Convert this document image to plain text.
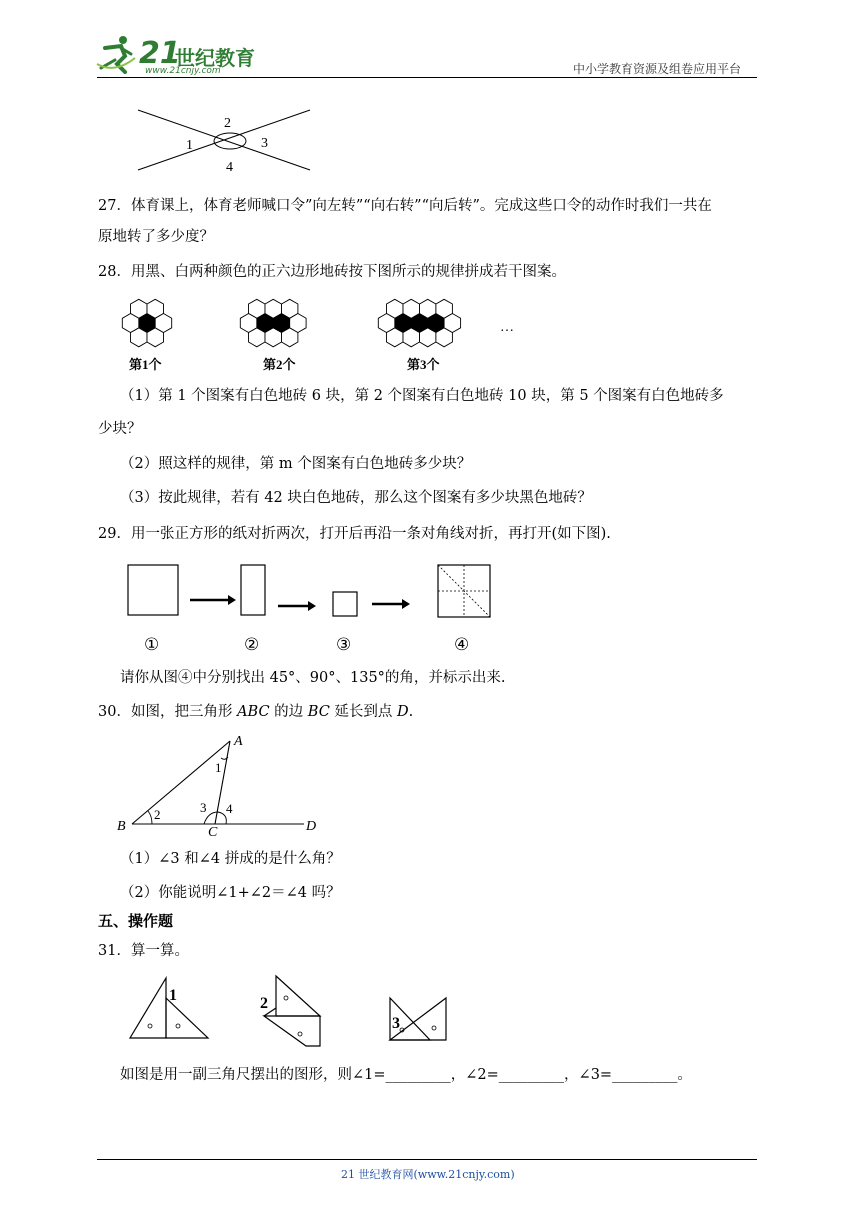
21
世纪教育
www.21cnjy.com	中小学教育资源及组卷应用平台
1
2
3
4
27．体育课上，体育老师喊口令”向左转”“向右转”“向后转”。完成这些口令的动作时我们一共在
原地转了多少度？
28．用黑、白两种颜色的正六边形地砖按下图所示的规律拼成若干图案。
第1个	第2个	第3个
…
（1）第 1 个图案有白色地砖 6 块，第 2 个图案有白色地砖 10 块，第 5 个图案有白色地砖多
少块？
（2）照这样的规律，第 m 个图案有白色地砖多少块？
（3）按此规律，若有 42 块白色地砖，那么这个图案有多少块黑色地砖？
29．用一张正方形的纸对折两次，打开后再沿一条对角线对折，再打开(如下图).
①	②	③	④
请你从图④中分别找出 45°、90°、135°的角，并标示出来.
30．如图，把三角形 ABC 的边 BC 延长到点 D.
A
B	C	D
1
2	3 4
（1）∠3 和∠4 拼成的是什么角？
（2）你能说明∠1+∠2＝∠4 吗？
五、操作题
31．算一算。
1	2
3
如图是用一副三角尺摆出的图形，则∠1=_________，∠2=_________，∠3=_________。
21 世纪教育网(www.21cnjy.com)
